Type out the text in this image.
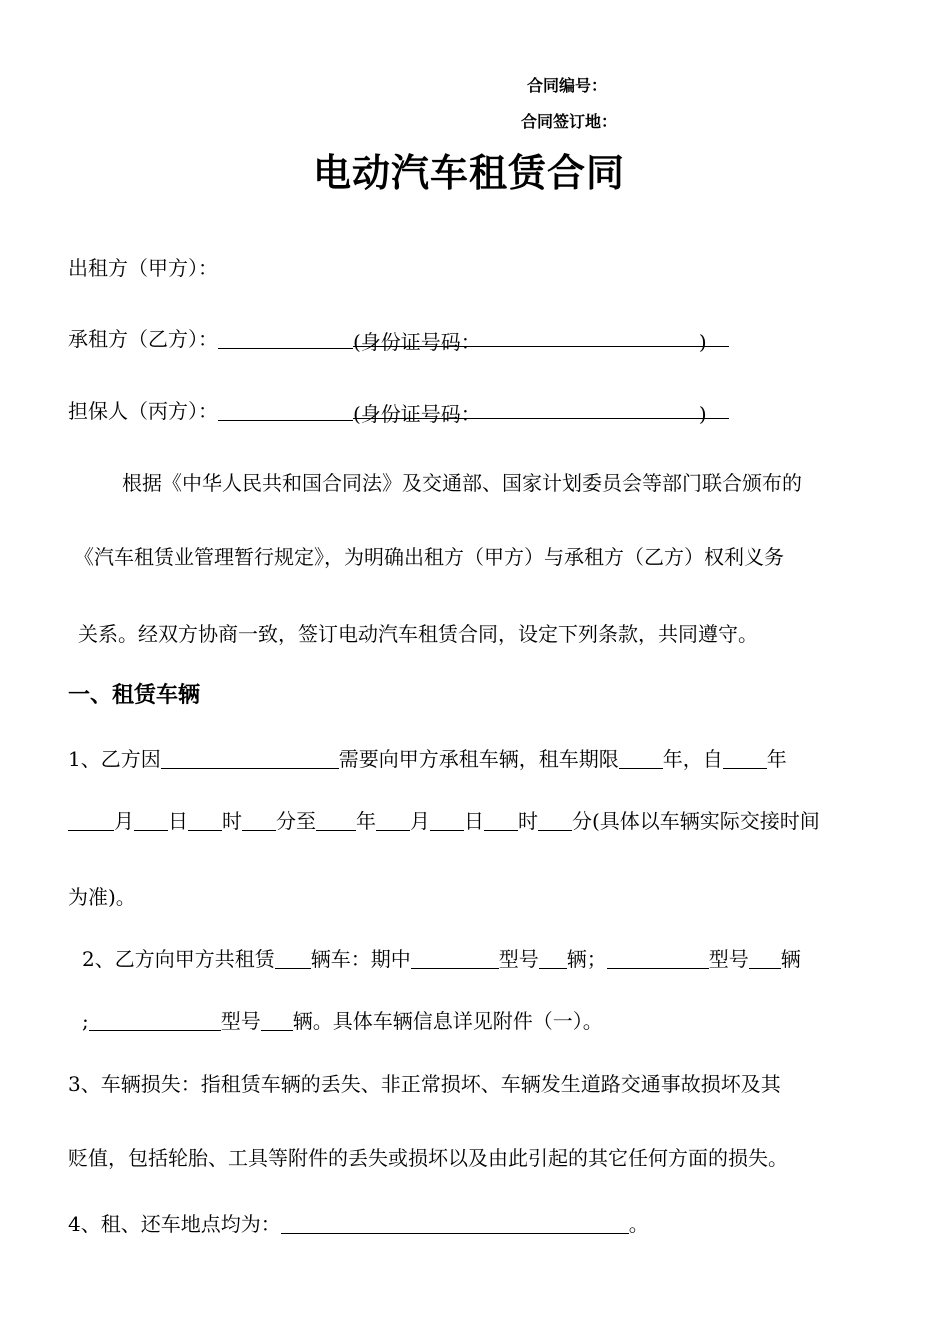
合同编号：
合同签订地：
电动汽车租赁合同
出租方（甲方）：
承租方（乙方）：	(身份证号码：	)
担保人（丙方）：	(身份证号码：	)
根据《中华人民共和国合同法》及交通部、国家计划委员会等部门联合颁布的
《汽车租赁业管理暂行规定》，为明确出租方（甲方）与承租方（乙方）权利义务
关系。经双方协商一致，签订电动汽车租赁合同，设定下列条款，共同遵守。
一、租赁车辆
1、乙方因	需要向甲方承租车辆，租车期限 年，自 年
月 日 时 分至 年 月 日 时 分(具体以车辆实际交接时间
为准)。
2、乙方向甲方共租赁 辆车：期中	型号 辆；	型号 辆
;	型号 辆。具体车辆信息详见附件（一）。
3、车辆损失：指租赁车辆的丢失、非正常损坏、车辆发生道路交通事故损坏及其
贬值，包括轮胎、工具等附件的丢失或损坏以及由此引起的其它任何方面的损失。
4、租、还车地点均为：	。
